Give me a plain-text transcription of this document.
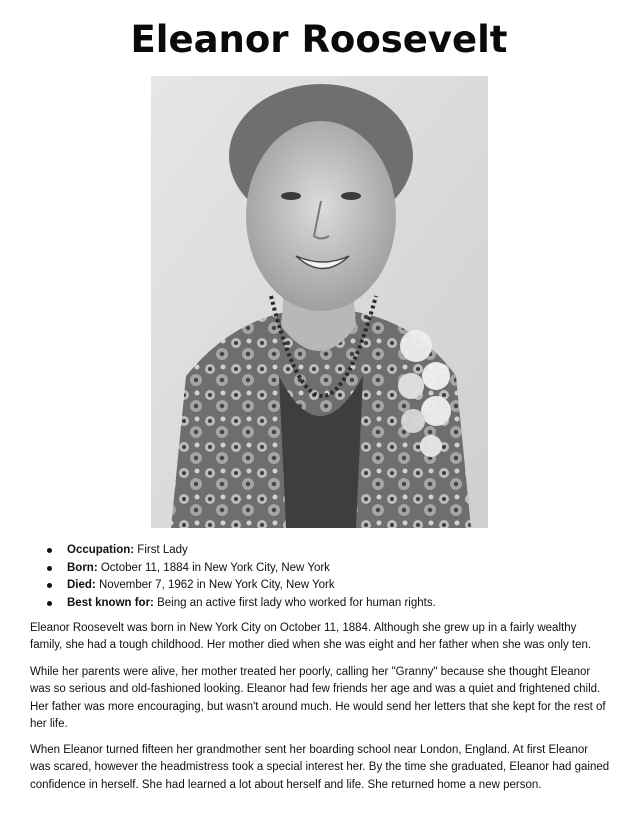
Eleanor Roosevelt
Occupation: First Lady
Born: October 11, 1884 in New York City, New York
Died: November 7, 1962 in New York City, New York
Best known for: Being an active first lady who worked for human rights.

Eleanor Roosevelt was born in New York City on October 11, 1884. Although she grew up in a fairly wealthy family, she had a tough childhood. Her mother died when she was eight and her father when she was only ten.

While her parents were alive, her mother treated her poorly, calling her "Granny" because she thought Eleanor was so serious and old-fashioned looking. Eleanor had few friends her age and was a quiet and frightened child. Her father was more encouraging, but wasn't around much. He would send her letters that she kept for the rest of her life.

When Eleanor turned fifteen her grandmother sent her boarding school near London, England. At first Eleanor was scared, however the headmistress took a special interest her. By the time she graduated, Eleanor had gained confidence in herself. She had learned a lot about herself and life. She returned home a new person.
